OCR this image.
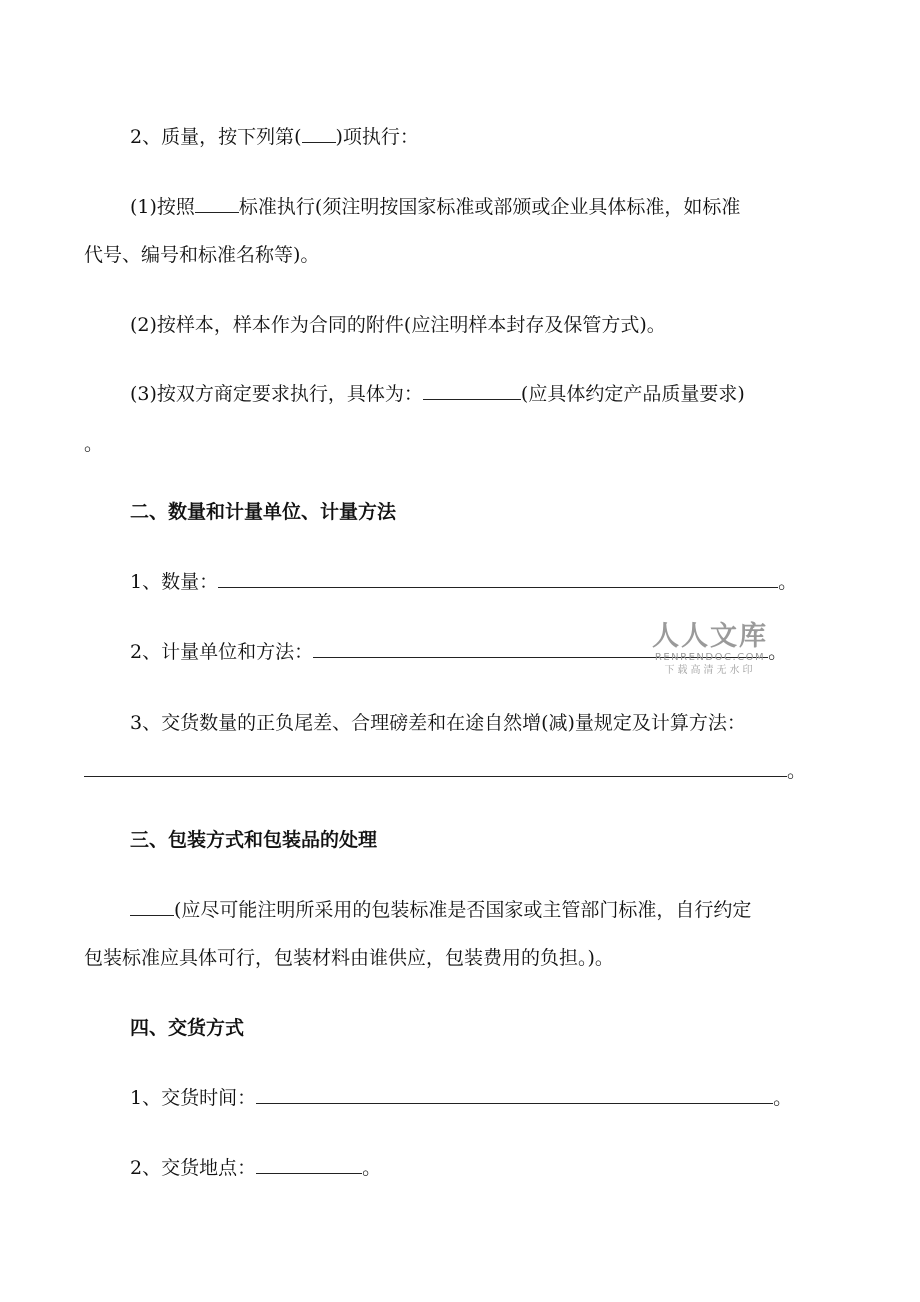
2、质量，按下列第( )项执行：
(1)按照 标准执行(须注明按国家标准或部颁或企业具体标准，如标准
代号、编号和标准名称等)。
(2)按样本，样本作为合同的附件(应注明样本封存及保管方式)。
(3)按双方商定要求执行，具体为：	(应具体约定产品质量要求)
。
二、数量和计量单位、计量方法
1、数量：	。
2、计量单位和方法：	。
3、交货数量的正负尾差、合理磅差和在途自然增(减)量规定及计算方法：
。
三、包装方式和包装品的处理
(应尽可能注明所采用的包装标准是否国家或主管部门标准，自行约定
包装标准应具体可行，包装材料由谁供应，包装费用的负担。)。
四、交货方式
1、交货时间：	。
2、交货地点：	。
人人文库
RENRENDOC.COM
下载高清无水印
